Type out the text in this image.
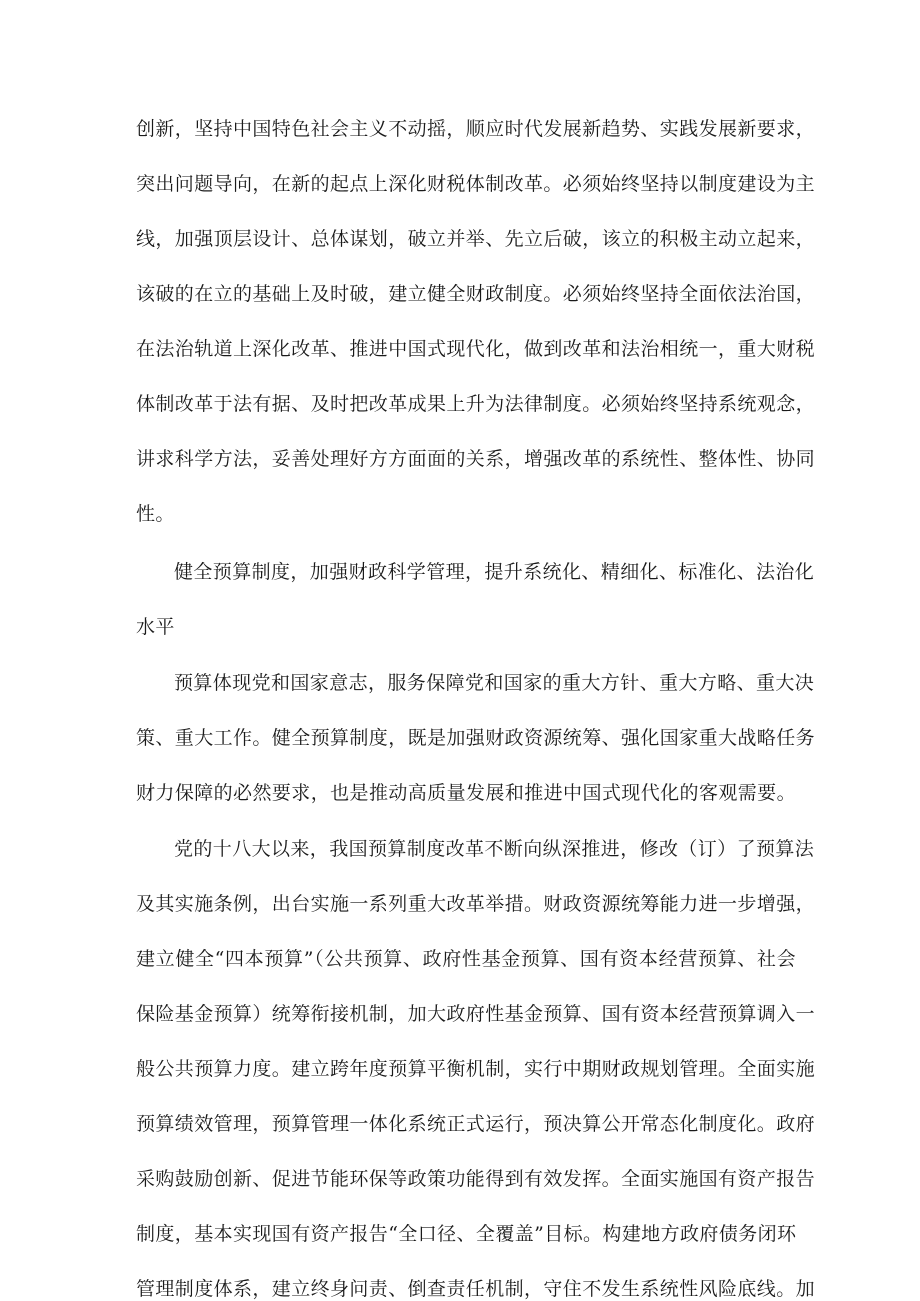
创新，坚持中国特色社会主义不动摇，顺应时代发展新趋势、实践发展新要求，
突出问题导向，在新的起点上深化财税体制改革。必须始终坚持以制度建设为主
线，加强顶层设计、总体谋划，破立并举、先立后破，该立的积极主动立起来，
该破的在立的基础上及时破，建立健全财政制度。必须始终坚持全面依法治国，
在法治轨道上深化改革、推进中国式现代化，做到改革和法治相统一，重大财税
体制改革于法有据、及时把改革成果上升为法律制度。必须始终坚持系统观念，
讲求科学方法，妥善处理好方方面面的关系，增强改革的系统性、整体性、协同
性。
健全预算制度，加强财政科学管理，提升系统化、精细化、标准化、法治化
水平
预算体现党和国家意志，服务保障党和国家的重大方针、重大方略、重大决
策、重大工作。健全预算制度，既是加强财政资源统筹、强化国家重大战略任务
财力保障的必然要求，也是推动高质量发展和推进中国式现代化的客观需要。
党的十八大以来，我国预算制度改革不断向纵深推进，修改（订）了预算法
及其实施条例，出台实施一系列重大改革举措。财政资源统筹能力进一步增强，
建立健全“四本预算”（公共预算、政府性基金预算、国有资本经营预算、社会
保险基金预算）统筹衔接机制，加大政府性基金预算、国有资本经营预算调入一
般公共预算力度。建立跨年度预算平衡机制，实行中期财政规划管理。全面实施
预算绩效管理，预算管理一体化系统正式运行，预决算公开常态化制度化。政府
采购鼓励创新、促进节能环保等政策功能得到有效发挥。全面实施国有资产报告
制度，基本实现国有资产报告“全口径、全覆盖”目标。构建地方政府债务闭环
管理制度体系，建立终身问责、倒查责任机制，守住不发生系统性风险底线。加
